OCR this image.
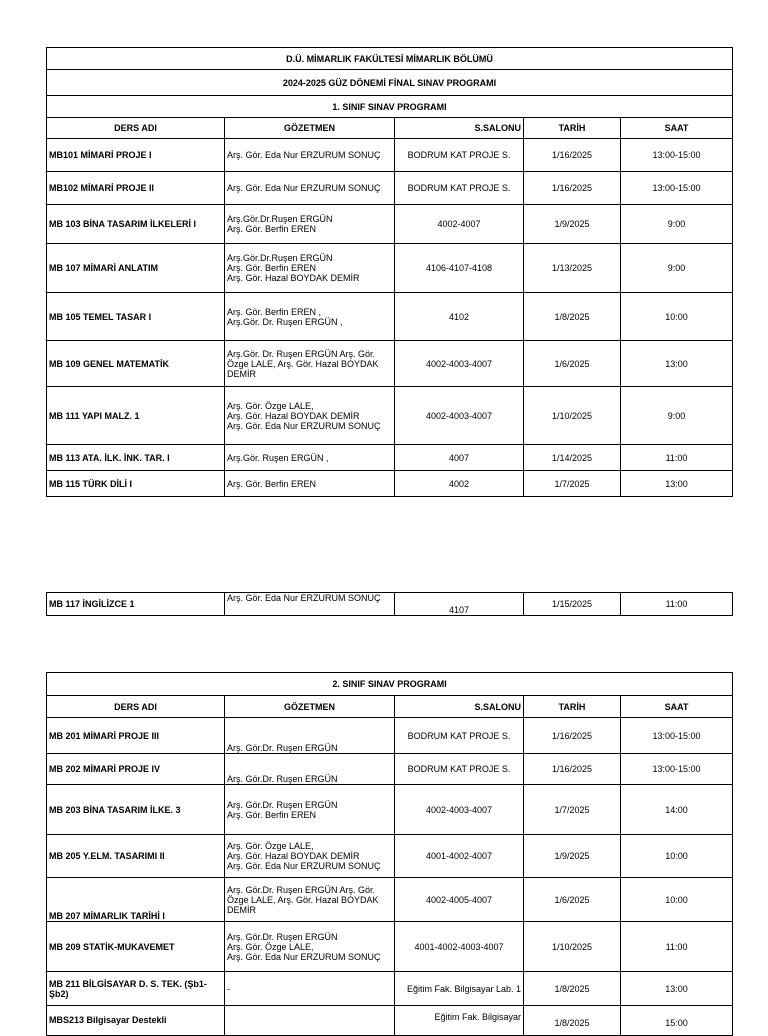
D.Ü. MİMARLIK FAKÜLTESİ MİMARLIK BÖLÜMÜ				
2024-2025 GÜZ DÖNEMİ FİNAL SINAV PROGRAMI				
1. SINIF SINAV PROGRAMI				
DERS ADI	GÖZETMEN	S.SALONU	TARİH	SAAT
MB101 MİMARİ PROJE I	Arş. Gör. Eda Nur ERZURUM SONUÇ	BODRUM KAT PROJE S.	1/16/2025	13:00-15:00
MB102 MİMARİ PROJE II	Arş. Gör. Eda Nur ERZURUM SONUÇ	BODRUM KAT PROJE S.	1/16/2025	13:00-15:00
MB 103 BİNA TASARIM İLKELERİ I	Arş.Gör.Dr.Ruşen ERGÜN
Arş. Gör. Berfin EREN	4002-4007	1/9/2025	9:00
MB 107 MİMARİ ANLATIM	Arş.Gör.Dr.Ruşen ERGÜN
Arş. Gör. Berfin EREN
Arş. Gör. Hazal BOYDAK DEMİR	4106-4107-4108	1/13/2025	9:00
MB 105 TEMEL TASAR I	Arş. Gör. Berfin EREN ,
Arş.Gör. Dr. Ruşen ERGÜN ,	4102	1/8/2025	10:00
MB 109 GENEL MATEMATİK	Arş.Gör. Dr. Ruşen ERGÜN Arş. Gör. Özge LALE, Arş. Gör. Hazal BOYDAK DEMİR	4002-4003-4007	1/6/2025	13:00
MB 111 YAPI MALZ. 1	Arş. Gör. Özge LALE,
Arş. Gör. Hazal BOYDAK DEMİR
Arş. Gör. Eda Nur ERZURUM SONUÇ	4002-4003-4007	1/10/2025	9:00
MB 113 ATA. İLK. İNK. TAR. I	Arş.Gör. Ruşen ERGÜN ,	4007	1/14/2025	11:00
MB 115 TÜRK DİLİ I	Arş. Gör. Berfin EREN	4002	1/7/2025	13:00
MB 117 İNGİLİZCE 1	Arş. Gör. Eda Nur ERZURUM SONUÇ	4107	1/15/2025	11:00
2. SINIF SINAV PROGRAMI				
DERS ADI	GÖZETMEN	S.SALONU	TARİH	SAAT
MB 201 MİMARİ PROJE III	Arş. Gör.Dr. Ruşen ERGÜN	BODRUM KAT PROJE S.	1/16/2025	13:00-15:00
MB 202 MİMARİ PROJE IV	Arş. Gör.Dr. Ruşen ERGÜN	BODRUM KAT PROJE S.	1/16/2025	13:00-15:00
MB 203 BİNA TASARIM İLKE. 3	Arş. Gör.Dr. Ruşen ERGÜN
Arş. Gör. Berfin EREN	4002-4003-4007	1/7/2025	14:00
MB 205 Y.ELM. TASARIMI II	Arş. Gör. Özge LALE,
Arş. Gör. Hazal BOYDAK DEMİR
Arş. Gör. Eda Nur ERZURUM SONUÇ	4001-4002-4007	1/9/2025	10:00
MB 207 MİMARLIK TARİHİ I	Arş. Gör.Dr. Ruşen ERGÜN Arş. Gör. Özge LALE, Arş. Gör. Hazal BOYDAK DEMİR	4002-4005-4007	1/6/2025	10:00
MB 209 STATİK-MUKAVEMET	Arş. Gör.Dr. Ruşen ERGÜN
Arş. Gör. Özge LALE,
Arş. Gör. Eda Nur ERZURUM SONUÇ	4001-4002-4003-4007	1/10/2025	11:00
MB 211 BİLGİSAYAR D. S. TEK. (Şb1-Şb2)	-	Eğitim Fak. Bilgisayar Lab. 1	1/8/2025	13:00
MBS213 Bilgisayar Destekli		Eğitim Fak. Bilgisayar	1/8/2025	15:00
